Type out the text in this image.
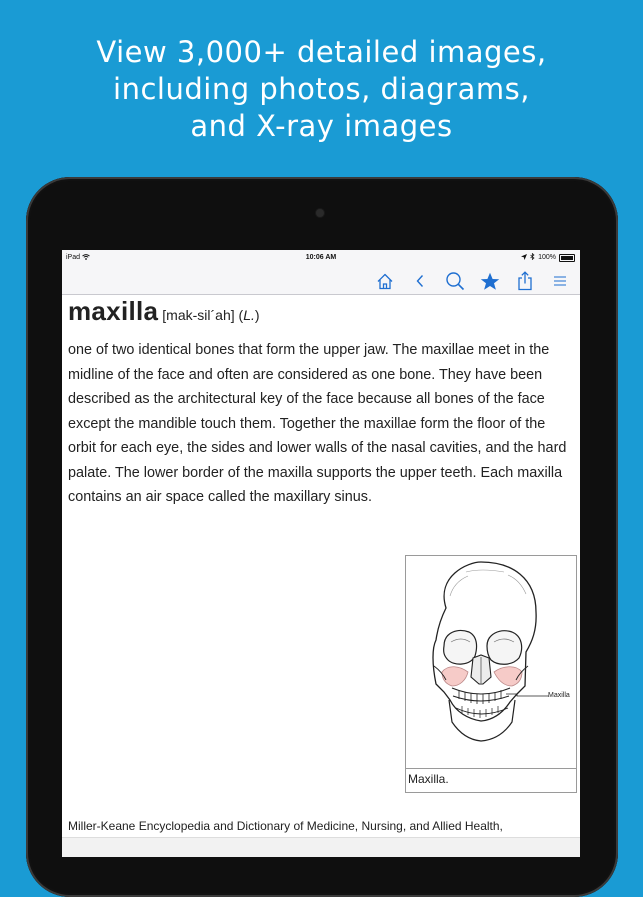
View 3,000+ detailed images,
including photos, diagrams,
and X-ray images
iPad	10:06 AM	100%
maxilla [mak-sil´ah] (L.)
one of two identical bones that form the upper jaw. The maxillae meet in the midline of the face and often are considered as one bone. They have been described as the architectural key of the face because all bones of the face except the mandible touch them. Together the maxillae form the floor of the orbit for each eye, the sides and lower walls of the nasal cavities, and the hard palate. The lower border of the maxilla supports the upper teeth. Each maxilla contains an air space called the maxillary sinus.
Maxilla
Maxilla.
Miller-Keane Encyclopedia and Dictionary of Medicine, Nursing, and Allied Health,
